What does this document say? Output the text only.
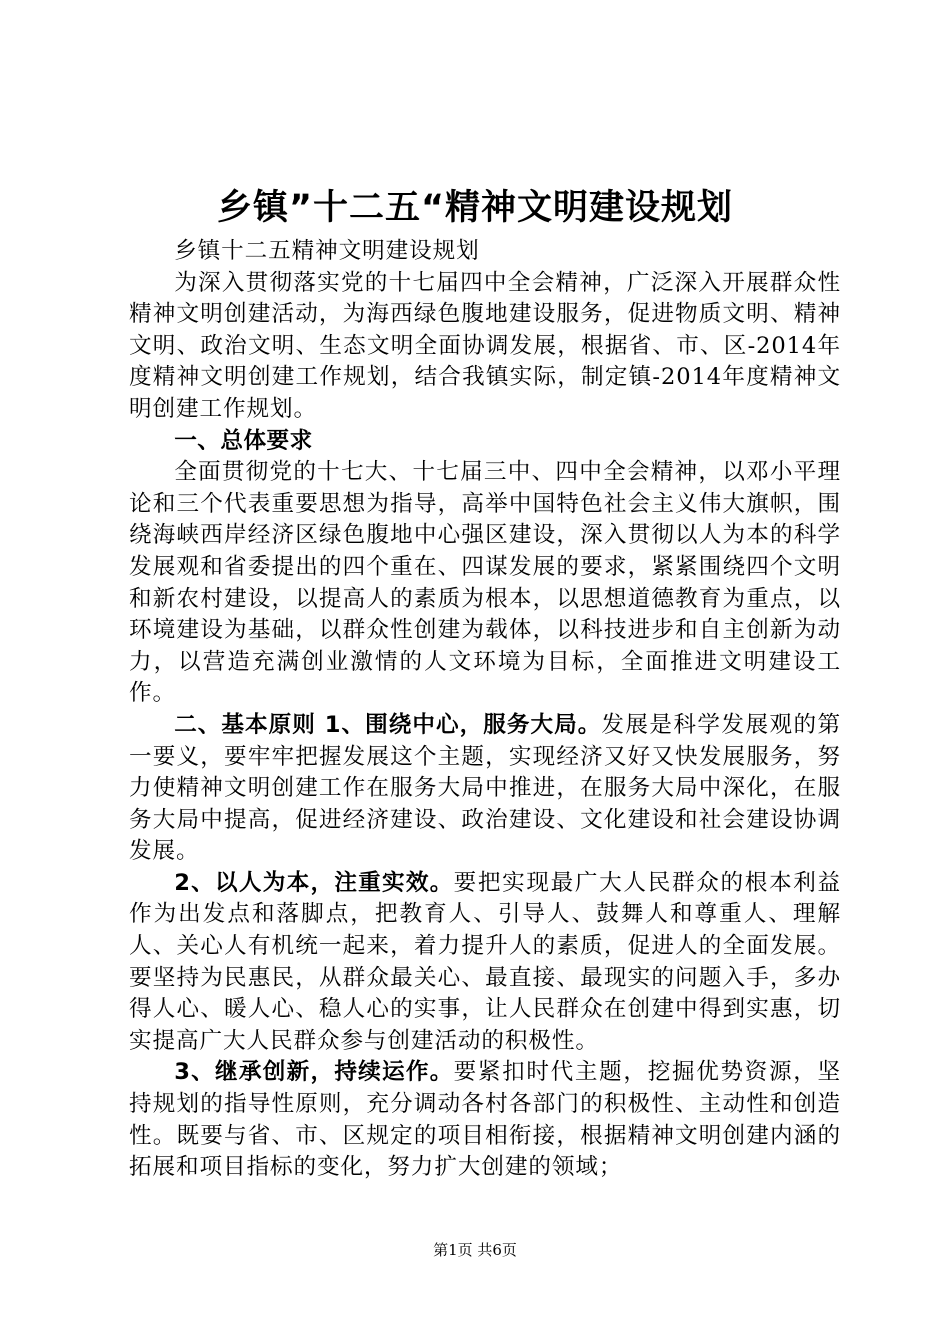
乡镇”十二五“精神文明建设规划

乡镇十二五精神文明建设规划

为深入贯彻落实党的十七届四中全会精神，广泛深入开展群众性精神文明创建活动，为海西绿色腹地建设服务，促进物质文明、精神文明、政治文明、生态文明全面协调发展，根据省、市、区-2014年度精神文明创建工作规划，结合我镇实际，制定镇-2014年度精神文明创建工作规划。

一、总体要求

全面贯彻党的十七大、十七届三中、四中全会精神，以邓小平理论和三个代表重要思想为指导，高举中国特色社会主义伟大旗帜，围绕海峡西岸经济区绿色腹地中心强区建设，深入贯彻以人为本的科学发展观和省委提出的四个重在、四谋发展的要求，紧紧围绕四个文明和新农村建设，以提高人的素质为根本，以思想道德教育为重点，以环境建设为基础，以群众性创建为载体，以科技进步和自主创新为动力，以营造充满创业激情的人文环境为目标，全面推进文明建设工作。

二、基本原则 1、围绕中心，服务大局。发展是科学发展观的第一要义，要牢牢把握发展这个主题，实现经济又好又快发展服务，努力使精神文明创建工作在服务大局中推进，在服务大局中深化，在服务大局中提高，促进经济建设、政治建设、文化建设和社会建设协调发展。

2、以人为本，注重实效。要把实现最广大人民群众的根本利益作为出发点和落脚点，把教育人、引导人、鼓舞人和尊重人、理解人、关心人有机统一起来，着力提升人的素质，促进人的全面发展。要坚持为民惠民，从群众最关心、最直接、最现实的问题入手，多办得人心、暖人心、稳人心的实事，让人民群众在创建中得到实惠，切实提高广大人民群众参与创建活动的积极性。

3、继承创新，持续运作。要紧扣时代主题，挖掘优势资源，坚持规划的指导性原则，充分调动各村各部门的积极性、主动性和创造性。既要与省、市、区规定的项目相衔接，根据精神文明创建内涵的拓展和项目指标的变化，努力扩大创建的领域；

第1页 共6页
